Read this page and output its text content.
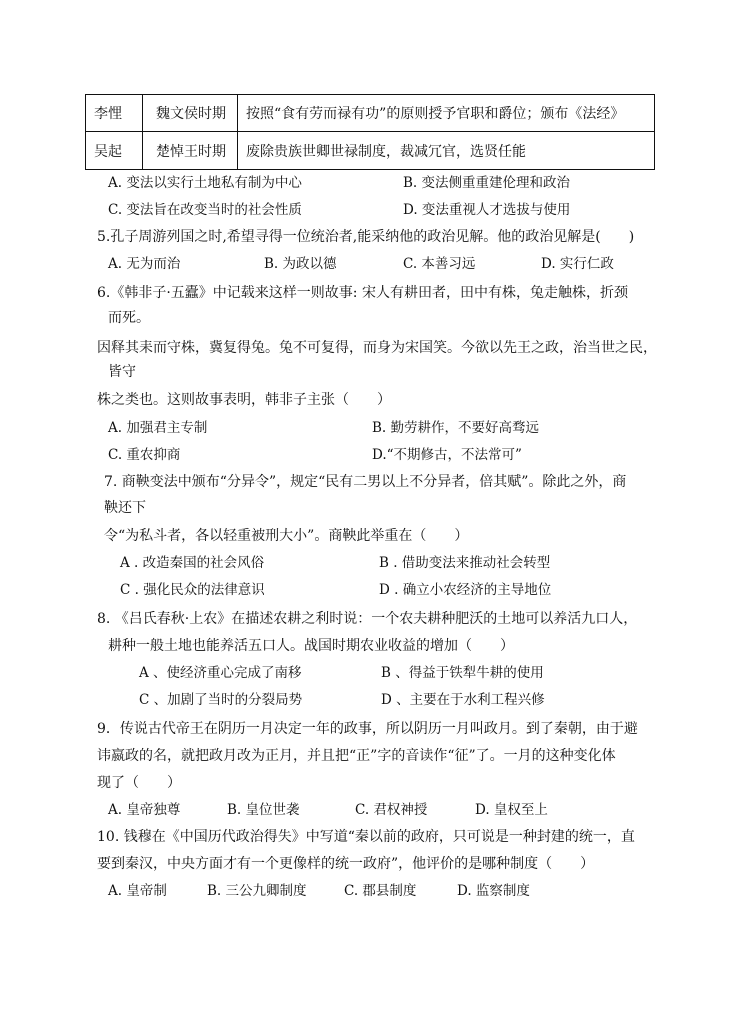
李悝	魏文侯时期	按照“食有劳而禄有功”的原则授予官职和爵位；颁布《法经》
吴起	楚悼王时期	废除贵族世卿世禄制度，裁减冗官，选贤任能
A. 变法以实行土地私有制为中心	B. 变法侧重重建伦理和政治
C. 变法旨在改变当时的社会性质	D. 变法重视人才选拔与使用
5.孔子周游列国之时,希望寻得一位统治者,能采纳他的政治见解。他的政治见解是(　　)
A. 无为而治	B. 为政以德	C. 本善习远	D. 实行仁政
6.《韩非子·五蠹》中记载来这样一则故事: 宋人有耕田者，田中有株，兔走触株，折颈
而死。
因释其耒而守株，冀复得兔。兔不可复得，而身为宋国笑。今欲以先王之政，治当世之民，
皆守
株之类也。这则故事表明，韩非子主张（　　）
A. 加强君主专制	B. 勤劳耕作，不要好高骛远
C. 重农抑商	D.“不期修古，不法常可”
7. 商鞅变法中颁布“分异令”，规定“民有二男以上不分异者，倍其赋”。除此之外，商
鞅还下
令“为私斗者，各以轻重被刑大小”。商鞅此举重在（　　）
A . 改造秦国的社会风俗	B . 借助变法来推动社会转型
C . 强化民众的法律意识	D . 确立小农经济的主导地位
8. 《吕氏春秋·上农》在描述农耕之利时说：一个农夫耕种肥沃的土地可以养活九口人，
耕种一般土地也能养活五口人。战国时期农业收益的增加（　　）
A 、使经济重心完成了南移	B 、得益于铁犁牛耕的使用
C 、加剧了当时的分裂局势	D 、主要在于水利工程兴修
9．传说古代帝王在阴历一月决定一年的政事，所以阴历一月叫政月。到了秦朝，由于避
讳嬴政的名，就把政月改为正月，并且把“正”字的音读作“征”了。一月的这种变化体
现了（　　）
A. 皇帝独尊	B. 皇位世袭	C. 君权神授	D. 皇权至上
10. 钱穆在《中国历代政治得失》中写道“秦以前的政府，只可说是一种封建的统一，直
要到秦汉，中央方面才有一个更像样的统一政府”，他评价的是哪种制度（　　）
A. 皇帝制	B. 三公九卿制度	C. 郡县制度	D. 监察制度
